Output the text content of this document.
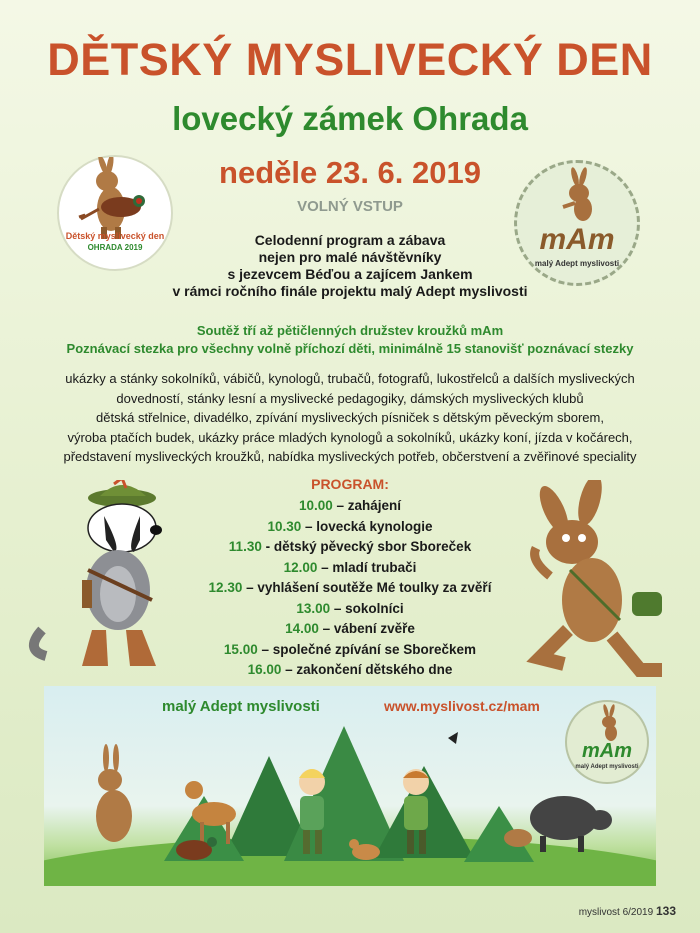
DĚTSKÝ MYSLIVECKÝ DEN
lovecký zámek Ohrada
neděle 23. 6. 2019
VOLNÝ VSTUP
Dětský myslivecký den
OHRADA 2019	mAm
malý Adept myslivosti
Celodenní program a zábava
nejen pro malé návštěvníky
s jezevcem Béďou a zajícem Jankem
v rámci ročního finále projektu malý Adept myslivosti
Soutěž tří až pětičlenných družstev kroužků mAm
Poznávací stezka pro všechny volně příchozí děti, minimálně 15 stanovišť poznávací stezky
ukázky a stánky sokolníků, vábičů, kynologů, trubačů, fotografů, lukostřelců a dalších mysliveckých
dovedností, stánky lesní a myslivecké pedagogiky, dámských mysliveckých klubů
dětská střelnice, divadélko, zpívání mysliveckých písniček s dětským pěveckým sborem,
výroba ptačích budek, ukázky práce mladých kynologů a sokolníků, ukázky koní, jízda v kočárech,
představení mysliveckých kroužků, nabídka mysliveckých potřeb, občerstvení a zvěřinové speciality
PROGRAM:
10.00 – zahájení
10.30 – lovecká kynologie
11.30 - dětský pěvecký sbor Sboreček
12.00 – mladí trubači
12.30 – vyhlášení soutěže Mé toulky za zvěří
13.00 – sokolníci
14.00 – vábení zvěře
15.00 – společné zpívání se Sborečkem
16.00 – zakončení dětského dne
malý Adept myslivosti	www.myslivost.cz/mam
mAm
malý Adept myslivosti
myslivost 6/2019 133
